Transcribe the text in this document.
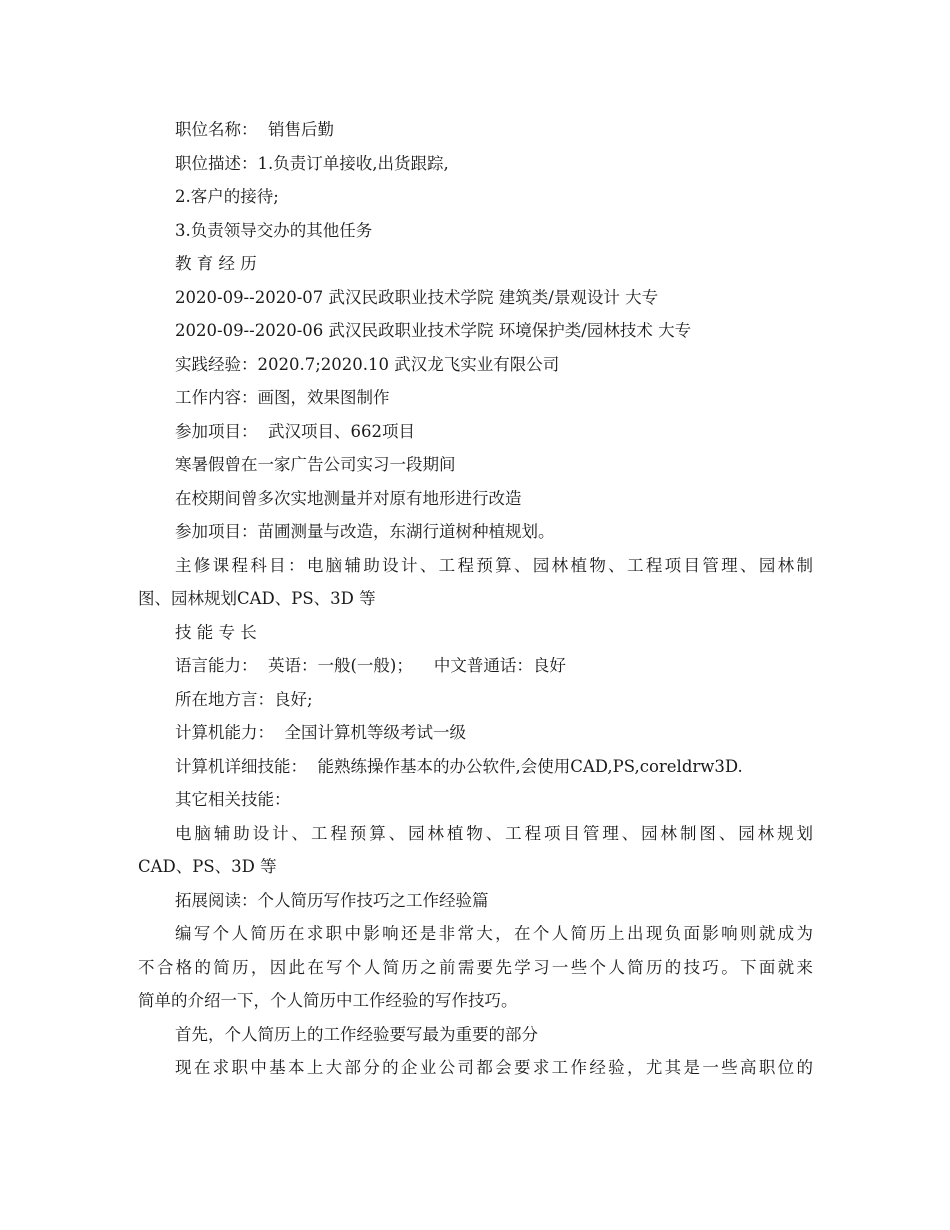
职位名称：  销售后勤
职位描述：1.负责订单接收,出货跟踪,
2.客户的接待;
3.负责领导交办的其他任务
教 育 经 历
2020-09--2020-07 武汉民政职业技术学院 建筑类/景观设计 大专
2020-09--2020-06 武汉民政职业技术学院 环境保护类/园林技术 大专
实践经验：2020.7;2020.10 武汉龙飞实业有限公司
工作内容：画图，效果图制作
参加项目：  武汉项目、662项目
寒暑假曾在一家广告公司实习一段期间
在校期间曾多次实地测量并对原有地形进行改造
参加项目：苗圃测量与改造，东湖行道树种植规划。
主修课程科目：电脑辅助设计、工程预算、园林植物、工程项目管理、园林制
图、园林规划CAD、PS、3D 等
技 能 专 长
语言能力：  英语：一般(一般)；    中文普通话：良好
所在地方言：良好;
计算机能力：  全国计算机等级考试一级
计算机详细技能：  能熟练操作基本的办公软件,会使用CAD,PS,coreldrw3D.
其它相关技能：
电脑辅助设计、工程预算、园林植物、工程项目管理、园林制图、园林规划
CAD、PS、3D 等
拓展阅读：个人简历写作技巧之工作经验篇
编写个人简历在求职中影响还是非常大，在个人简历上出现负面影响则就成为
不合格的简历，因此在写个人简历之前需要先学习一些个人简历的技巧。下面就来
简单的介绍一下，个人简历中工作经验的写作技巧。
首先，个人简历上的工作经验要写最为重要的部分
现在求职中基本上大部分的企业公司都会要求工作经验，尤其是一些高职位的
